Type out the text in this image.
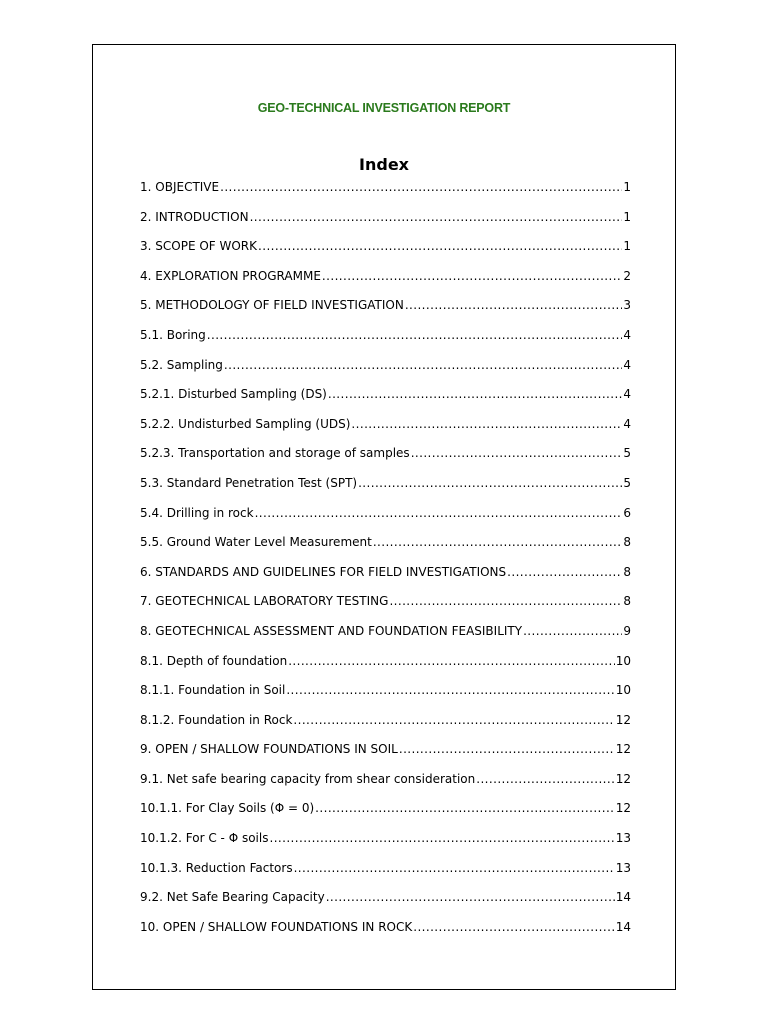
GEO-TECHNICAL INVESTIGATION REPORT
Index
1. OBJECTIVE .....	1
2. INTRODUCTION .....	1
3. SCOPE OF WORK .....	1
4. EXPLORATION PROGRAMME .....	2
5. METHODOLOGY OF FIELD INVESTIGATION .....	3
5.1. Boring .....	4
5.2. Sampling .....	4
5.2.1. Disturbed Sampling (DS) .....	4
5.2.2. Undisturbed Sampling (UDS) .....	4
5.2.3. Transportation and storage of samples .....	5
5.3. Standard Penetration Test (SPT) .....	5
5.4. Drilling in rock .....	6
5.5. Ground Water Level Measurement .....	8
6. STANDARDS AND GUIDELINES FOR FIELD INVESTIGATIONS .....	8
7. GEOTECHNICAL LABORATORY TESTING .....	8
8. GEOTECHNICAL ASSESSMENT AND FOUNDATION FEASIBILITY .....	9
8.1. Depth of foundation .....	10
8.1.1. Foundation in Soil .....	10
8.1.2. Foundation in Rock .....	12
9. OPEN / SHALLOW FOUNDATIONS IN SOIL .....	12
9.1. Net safe bearing capacity from shear consideration .....	12
10.1.1. For Clay Soils (Φ = 0) .....	12
10.1.2. For C - Φ soils .....	13
10.1.3. Reduction Factors .....	13
9.2. Net Safe Bearing Capacity .....	14
10. OPEN / SHALLOW FOUNDATIONS IN ROCK .....	14
